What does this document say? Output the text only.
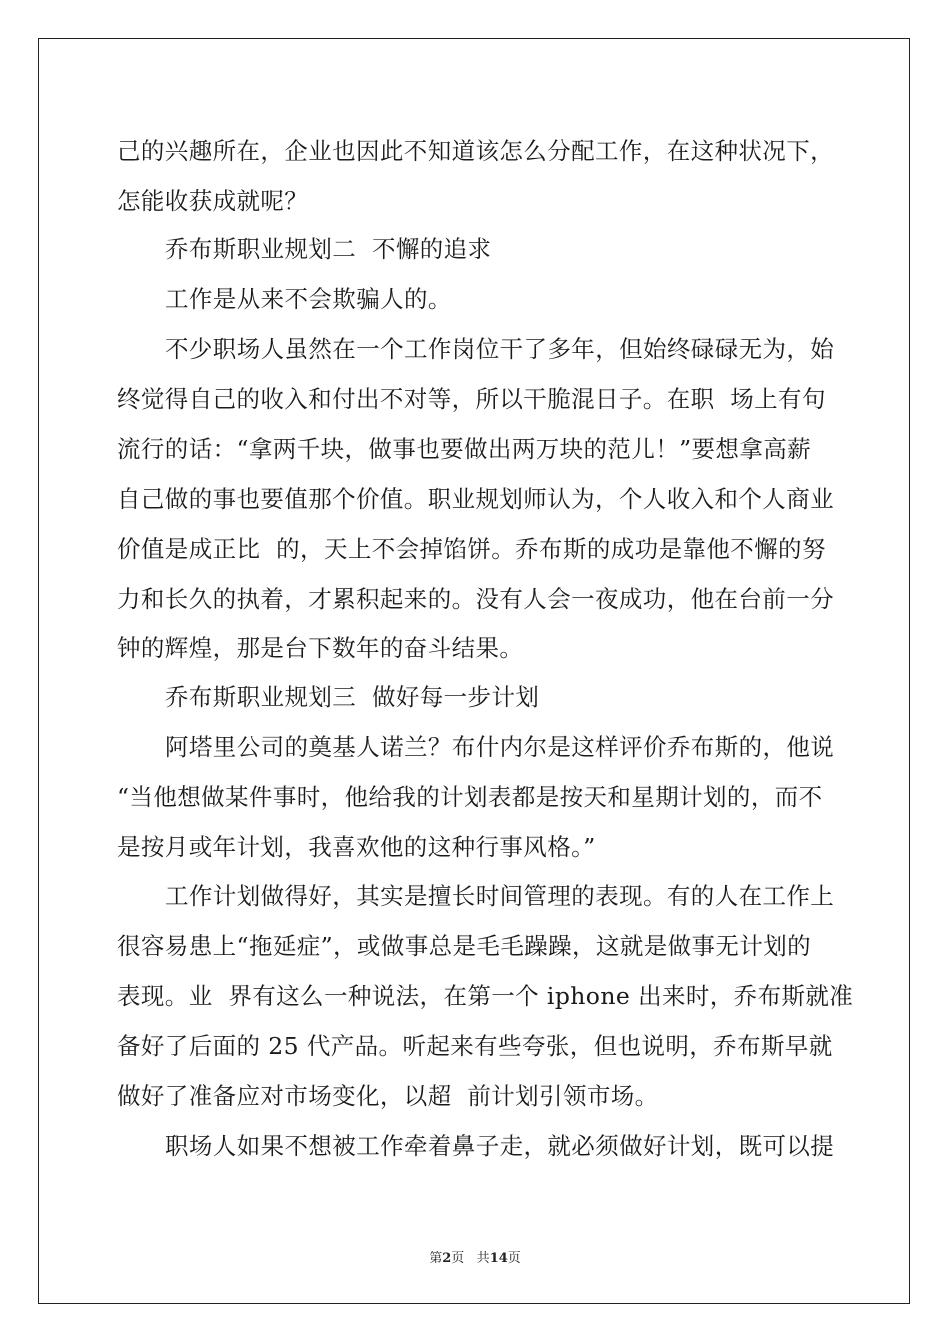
己的兴趣所在，企业也因此不知道该怎么分配工作，在这种状况下，
怎能收获成就呢？
乔布斯职业规划二  不懈的追求
工作是从来不会欺骗人的。
不少职场人虽然在一个工作岗位干了多年，但始终碌碌无为，始
终觉得自己的收入和付出不对等，所以干脆混日子。在职  场上有句
流行的话：“拿两千块，做事也要做出两万块的范儿！”要想拿高薪
自己做的事也要值那个价值。职业规划师认为，个人收入和个人商业
价值是成正比  的，天上不会掉馅饼。乔布斯的成功是靠他不懈的努
力和长久的执着，才累积起来的。没有人会一夜成功，他在台前一分
钟的辉煌，那是台下数年的奋斗结果。
乔布斯职业规划三  做好每一步计划
阿塔里公司的奠基人诺兰？布什内尔是这样评价乔布斯的，他说
“当他想做某件事时，他给我的计划表都是按天和星期计划的，而不
是按月或年计划，我喜欢他的这种行事风格。”
工作计划做得好，其实是擅长时间管理的表现。有的人在工作上
很容易患上“拖延症”，或做事总是毛毛躁躁，这就是做事无计划的
表现。业  界有这么一种说法，在第一个 iphone 出来时，乔布斯就准
备好了后面的 25 代产品。听起来有些夸张，但也说明，乔布斯早就
做好了准备应对市场变化，以超  前计划引领市场。
职场人如果不想被工作牵着鼻子走，就必须做好计划，既可以提
第2页 共14页
